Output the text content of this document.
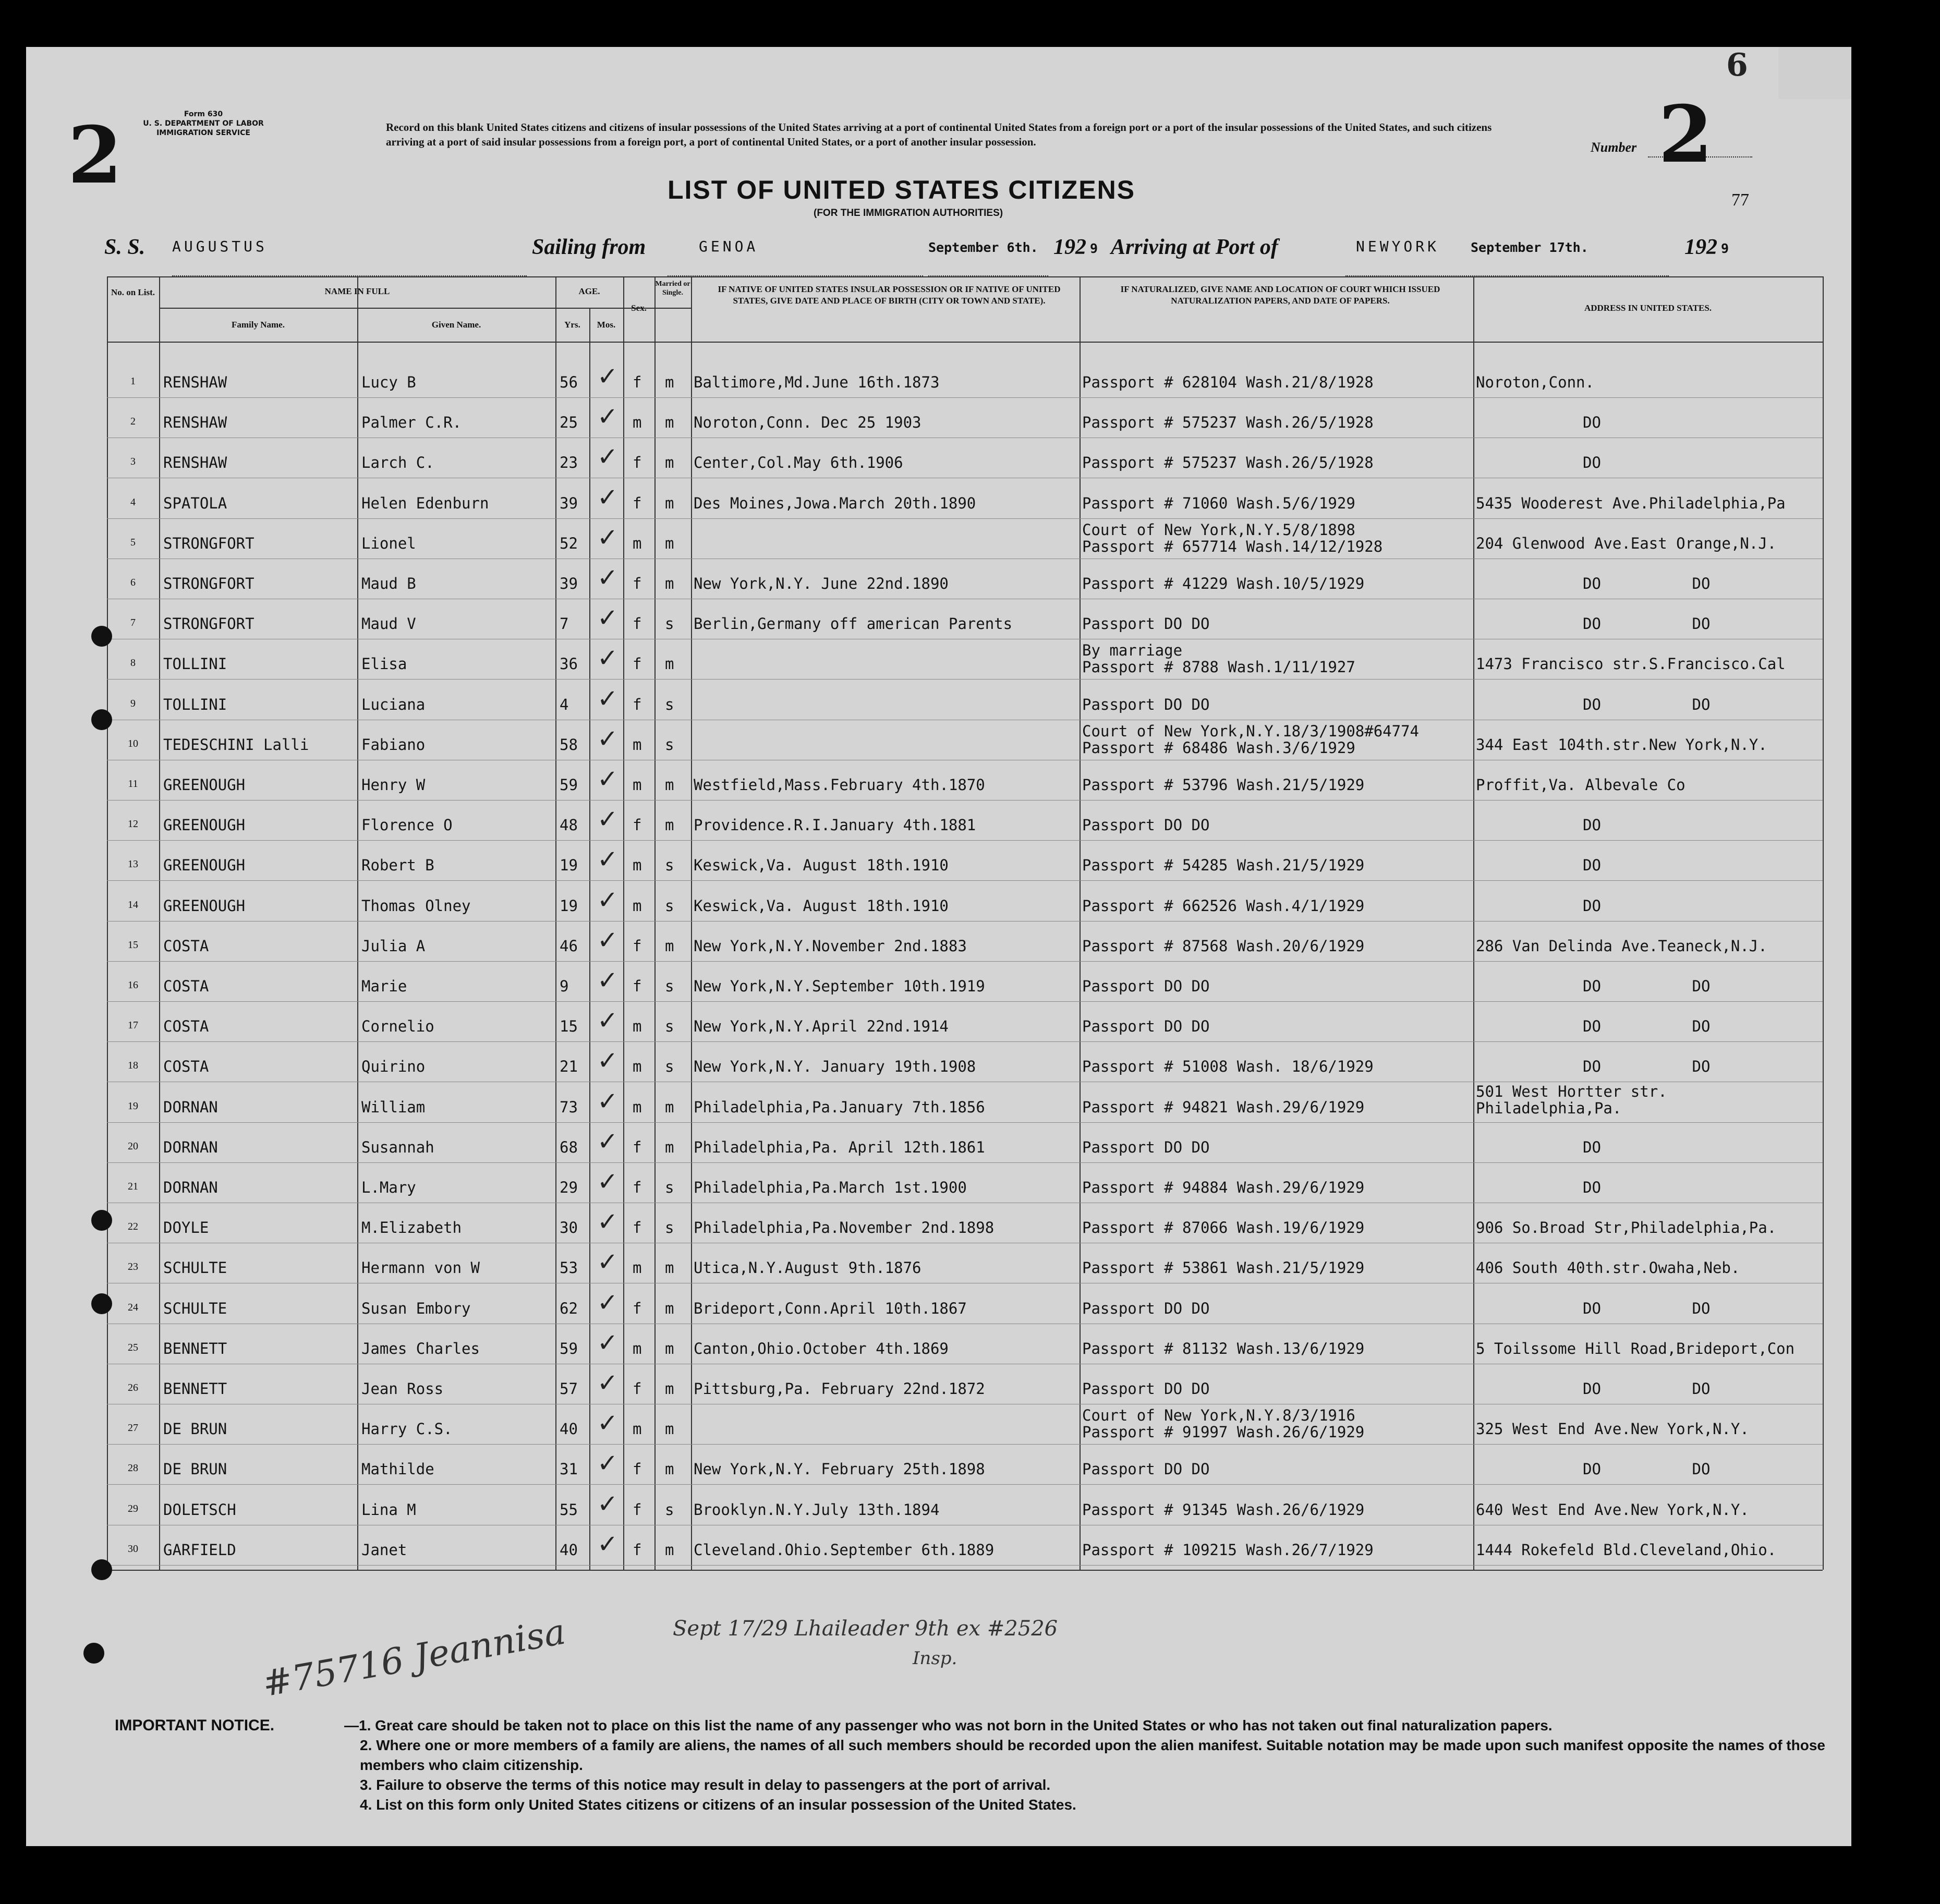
6
2	Form 630
U. S. DEPARTMENT OF LABOR
IMMIGRATION SERVICE	Record on this blank United States citizens and citizens of insular possessions of the United States arriving at a port of continental United States from a foreign port or a port of the insular possessions of the United States, and such citizens arriving at a port of said insular possessions from a foreign port, a port of continental United States, or a port of another insular possession.	Number 2
LIST OF UNITED STATES CITIZENS
(FOR THE IMMIGRATION AUTHORITIES)
77
S. S. AUGUSTUS	Sailing from	GENOA	September 6th. 192 9 Arriving at Port of	NEWYORK September 17th.	192 9
No. on List.	NAME IN FULL
Family Name.	Given Name.
AGE.
Yrs.	Mos.
Sex.
Married or Single.	IF NATIVE OF UNITED STATES INSULAR POSSESSION OR IF NATIVE OF UNITED STATES, GIVE DATE AND PLACE OF BIRTH (CITY OR TOWN AND STATE).
IF NATURALIZED, GIVE NAME AND LOCATION OF COURT WHICH ISSUED NATURALIZATION PAPERS, AND DATE OF PAPERS.
ADDRESS IN UNITED STATES.
1	RENSHAW	Lucy B	56 ✓ f m Baltimore,Md.June 16th.1873	Passport # 628104 Wash.21/8/1928	Noroton,Conn.
2	RENSHAW	Palmer C.R.	25 ✓ m m Noroton,Conn. Dec 25 1903	Passport # 575237 Wash.26/5/1928	DO
3	RENSHAW	Larch C.	23 ✓ f m Center,Col.May 6th.1906	Passport # 575237 Wash.26/5/1928	DO
4	SPATOLA	Helen Edenburn	39 ✓ f m Des Moines,Jowa.March 20th.1890	Passport # 71060 Wash.5/6/1929	5435 Wooderest Ave.Philadelphia,Pa
5	STRONGFORT	Lionel	52 ✓ m m
Court of New York,N.Y.5/8/1898
Passport # 657714 Wash.14/12/1928	204 Glenwood Ave.East Orange,N.J.
6	STRONGFORT	Maud B	39 ✓ f m New York,N.Y. June 22nd.1890	Passport # 41229 Wash.10/5/1929	DO          DO
7	STRONGFORT	Maud V	7 ✓ f s Berlin,Germany off american Parents	Passport DO DO	DO          DO
8	TOLLINI	Elisa	36 ✓ f m
By marriage
Passport # 8788 Wash.1/11/1927	1473 Francisco str.S.Francisco.Cal
9	TOLLINI	Luciana	4 ✓ f s	Passport DO DO	DO          DO
10	TEDESCHINI Lalli	Fabiano	58 ✓ m s
Court of New York,N.Y.18/3/1908#64774
Passport # 68486 Wash.3/6/1929	344 East 104th.str.New York,N.Y.
11	GREENOUGH	Henry W	59 ✓ m m Westfield,Mass.February 4th.1870	Passport # 53796 Wash.21/5/1929	Proffit,Va. Albevale Co
12	GREENOUGH	Florence O	48 ✓ f m Providence.R.I.January 4th.1881	Passport DO DO	DO
13	GREENOUGH	Robert B	19 ✓ m s Keswick,Va. August 18th.1910	Passport # 54285 Wash.21/5/1929	DO
14	GREENOUGH	Thomas Olney	19 ✓ m s Keswick,Va. August 18th.1910	Passport # 662526 Wash.4/1/1929	DO
15	COSTA	Julia A	46 ✓ f m New York,N.Y.November 2nd.1883	Passport # 87568 Wash.20/6/1929	286 Van Delinda Ave.Teaneck,N.J.
16	COSTA	Marie	9 ✓ f s New York,N.Y.September 10th.1919	Passport DO DO	DO          DO
17	COSTA	Cornelio	15 ✓ m s New York,N.Y.April 22nd.1914	Passport DO DO	DO          DO
18	COSTA	Quirino	21 ✓ m s New York,N.Y. January 19th.1908	Passport # 51008 Wash. 18/6/1929	DO          DO
19	DORNAN	William	73 ✓ m m Philadelphia,Pa.January 7th.1856	Passport # 94821 Wash.29/6/1929
501 West Hortter str.
Philadelphia,Pa.
20	DORNAN	Susannah	68 ✓ f m Philadelphia,Pa. April 12th.1861	Passport DO DO	DO
21	DORNAN	L.Mary	29 ✓ f s Philadelphia,Pa.March 1st.1900	Passport # 94884 Wash.29/6/1929	DO
22	DOYLE	M.Elizabeth	30 ✓ f s Philadelphia,Pa.November 2nd.1898	Passport # 87066 Wash.19/6/1929	906 So.Broad Str,Philadelphia,Pa.
23	SCHULTE	Hermann von W	53 ✓ m m Utica,N.Y.August 9th.1876	Passport # 53861 Wash.21/5/1929	406 South 40th.str.Owaha,Neb.
24	SCHULTE	Susan Embory	62 ✓ f m Brideport,Conn.April 10th.1867	Passport DO DO	DO          DO
25	BENNETT	James Charles	59 ✓ m m Canton,Ohio.October 4th.1869	Passport # 81132 Wash.13/6/1929	5 Toilssome Hill Road,Brideport,Con
26	BENNETT	Jean Ross	57 ✓ f m Pittsburg,Pa. February 22nd.1872	Passport DO DO	DO          DO
27	DE BRUN	Harry C.S.	40 ✓ m m
Court of New York,N.Y.8/3/1916
Passport # 91997 Wash.26/6/1929	325 West End Ave.New York,N.Y.
28	DE BRUN	Mathilde	31 ✓ f m New York,N.Y. February 25th.1898	Passport DO DO	DO          DO
29	DOLETSCH	Lina M	55 ✓ f s Brooklyn.N.Y.July 13th.1894	Passport # 91345 Wash.26/6/1929	640 West End Ave.New York,N.Y.
30	GARFIELD	Janet	40 ✓ f m Cleveland.Ohio.September 6th.1889	Passport # 109215 Wash.26/7/1929	1444 Rokefeld Bld.Cleveland,Ohio.
Sept 17/29 Lhaileader 9th ex #2526
Insp.
#75716 Jeannisa
IMPORTANT NOTICE.	—1. Great care should be taken not to place on this list the name of any passenger who was not born in the United States or who has not taken out final naturalization papers.
2. Where one or more members of a family are aliens, the names of all such members should be recorded upon the alien manifest. Suitable notation may be made upon such manifest opposite the names of those members who claim citizenship.
3. Failure to observe the terms of this notice may result in delay to passengers at the port of arrival.
4. List on this form only United States citizens or citizens of an insular possession of the United States.
